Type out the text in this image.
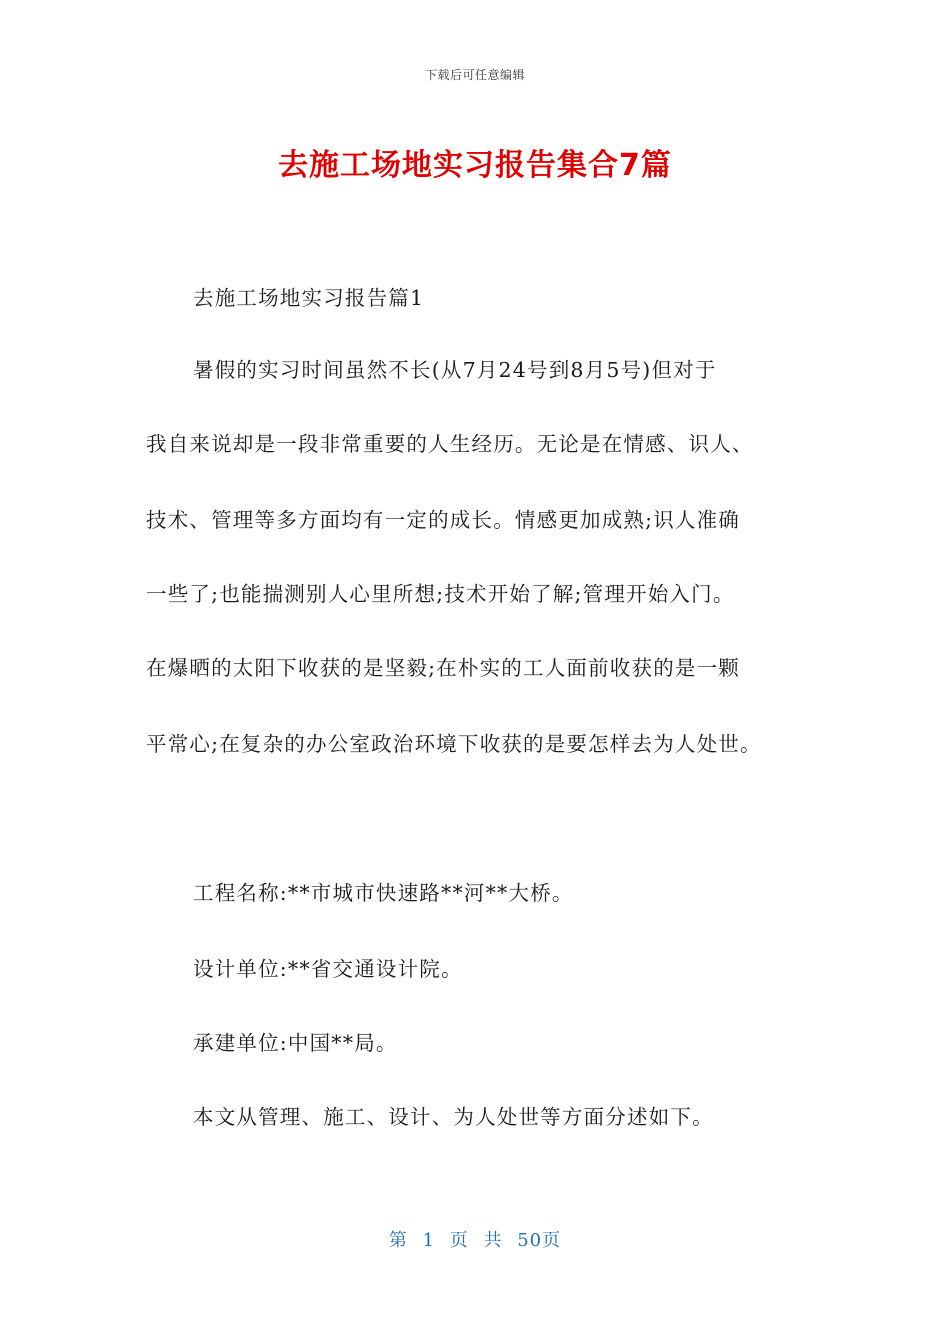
下载后可任意编辑
去施工场地实习报告集合7篇
去施工场地实习报告篇1
暑假的实习时间虽然不长(从7月24号到8月5号)但对于
我自来说却是一段非常重要的人生经历。无论是在情感、识人、
技术、管理等多方面均有一定的成长。情感更加成熟;识人准确
一些了;也能揣测别人心里所想;技术开始了解;管理开始入门。
在爆晒的太阳下收获的是坚毅;在朴实的工人面前收获的是一颗
平常心;在复杂的办公室政治环境下收获的是要怎样去为人处世。
工程名称:**市城市快速路**河**大桥。
设计单位:**省交通设计院。
承建单位:中国**局。
本文从管理、施工、设计、为人处世等方面分述如下。
第 1 页 共 50页
